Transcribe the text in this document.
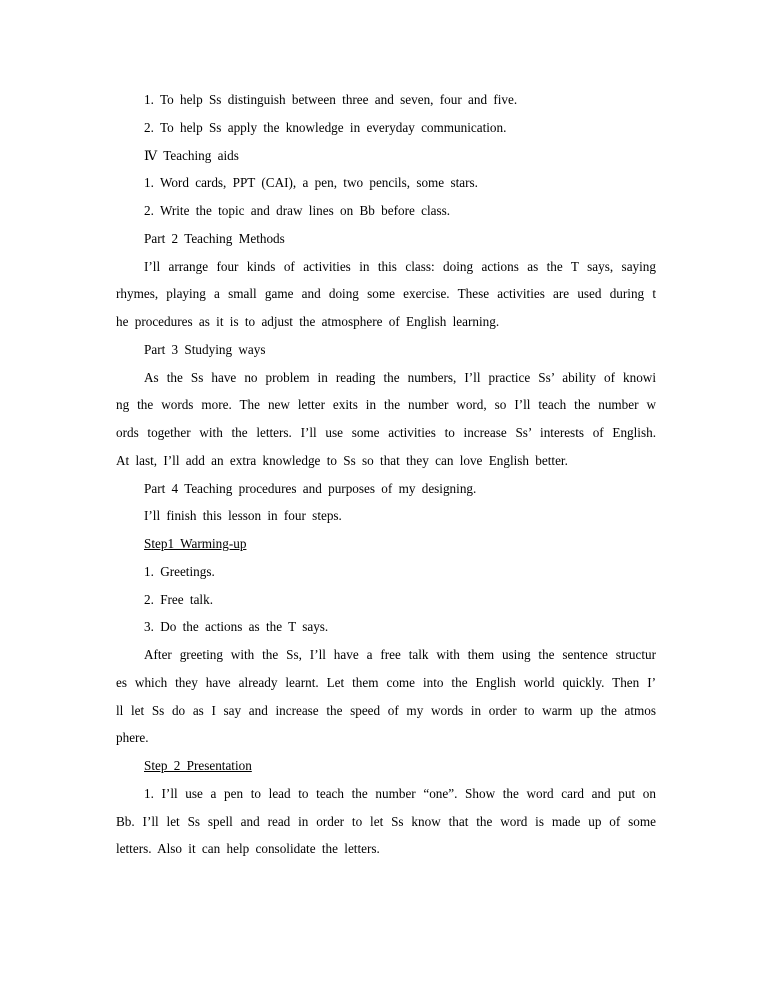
1. To help Ss distinguish between three and seven, four and five.
2. To help Ss apply the knowledge in everyday communication.
Ⅳ Teaching aids
1. Word cards, PPT (CAI), a pen, two pencils, some stars.
2. Write the topic and draw lines on Bb before class.
Part 2 Teaching Methods
I’ll arrange four kinds of activities in this class: doing actions as the T says, saying
rhymes, playing a small game and doing some exercise. These activities are used during t
he procedures as it is to adjust the atmosphere of English learning.
Part 3 Studying ways
As the Ss have no problem in reading the numbers, I’ll practice Ss’ ability of knowi
ng the words more. The new letter exits in the number word, so I’ll teach the number w
ords together with the letters. I’ll use some activities to increase Ss’ interests of English.
At last, I’ll add an extra knowledge to Ss so that they can love English better.
Part 4 Teaching procedures and purposes of my designing.
I’ll finish this lesson in four steps.
Step1 Warming-up
1. Greetings.
2. Free talk.
3. Do the actions as the T says.
After greeting with the Ss, I’ll have a free talk with them using the sentence structur
es which they have already learnt. Let them come into the English world quickly. Then I’
ll let Ss do as I say and increase the speed of my words in order to warm up the atmos
phere.
Step 2 Presentation
1. I’ll use a pen to lead to teach the number “one”. Show the word card and put on
Bb. I’ll let Ss spell and read in order to let Ss know that the word is made up of some
letters. Also it can help consolidate the letters.
